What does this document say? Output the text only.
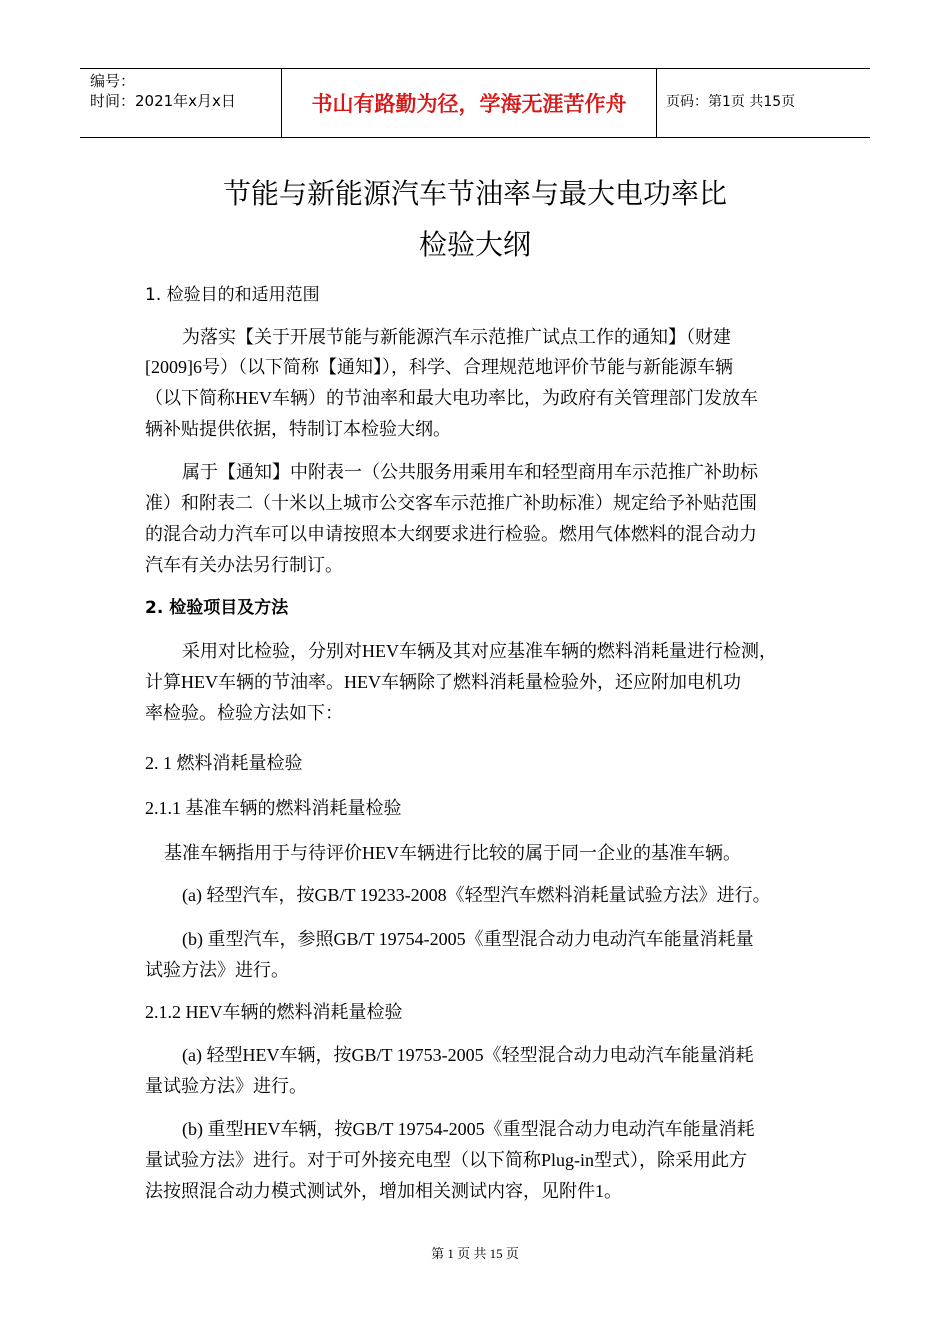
编号：
时间：2021年x月x日	书山有路勤为径，学海无涯苦作舟	页码：第1页 共15页
节能与新能源汽车节油率与最大电功率比
检验大纲
1. 检验目的和适用范围
为落实【关于开展节能与新能源汽车示范推广试点工作的通知】（财建
[2009]6号）（以下简称【通知】），科学、合理规范地评价节能与新能源车辆
（以下简称HEV车辆）的节油率和最大电功率比，为政府有关管理部门发放车
辆补贴提供依据，特制订本检验大纲。
属于【通知】中附表一（公共服务用乘用车和轻型商用车示范推广补助标
准）和附表二（十米以上城市公交客车示范推广补助标准）规定给予补贴范围
的混合动力汽车可以申请按照本大纲要求进行检验。燃用气体燃料的混合动力
汽车有关办法另行制订。
2. 检验项目及方法
采用对比检验，分别对HEV车辆及其对应基准车辆的燃料消耗量进行检测，
计算HEV车辆的节油率。HEV车辆除了燃料消耗量检验外，还应附加电机功
率检验。检验方法如下：
2. 1 燃料消耗量检验
2.1.1 基准车辆的燃料消耗量检验
基准车辆指用于与待评价HEV车辆进行比较的属于同一企业的基准车辆。
(a) 轻型汽车，按GB/T 19233-2008《轻型汽车燃料消耗量试验方法》进行。
(b) 重型汽车，参照GB/T 19754-2005《重型混合动力电动汽车能量消耗量
试验方法》进行。
2.1.2 HEV车辆的燃料消耗量检验
(a) 轻型HEV车辆，按GB/T 19753-2005《轻型混合动力电动汽车能量消耗
量试验方法》进行。
(b) 重型HEV车辆，按GB/T 19754-2005《重型混合动力电动汽车能量消耗
量试验方法》进行。对于可外接充电型（以下简称Plug-in型式），除采用此方
法按照混合动力模式测试外，增加相关测试内容，见附件1。
第 1 页 共 15 页
